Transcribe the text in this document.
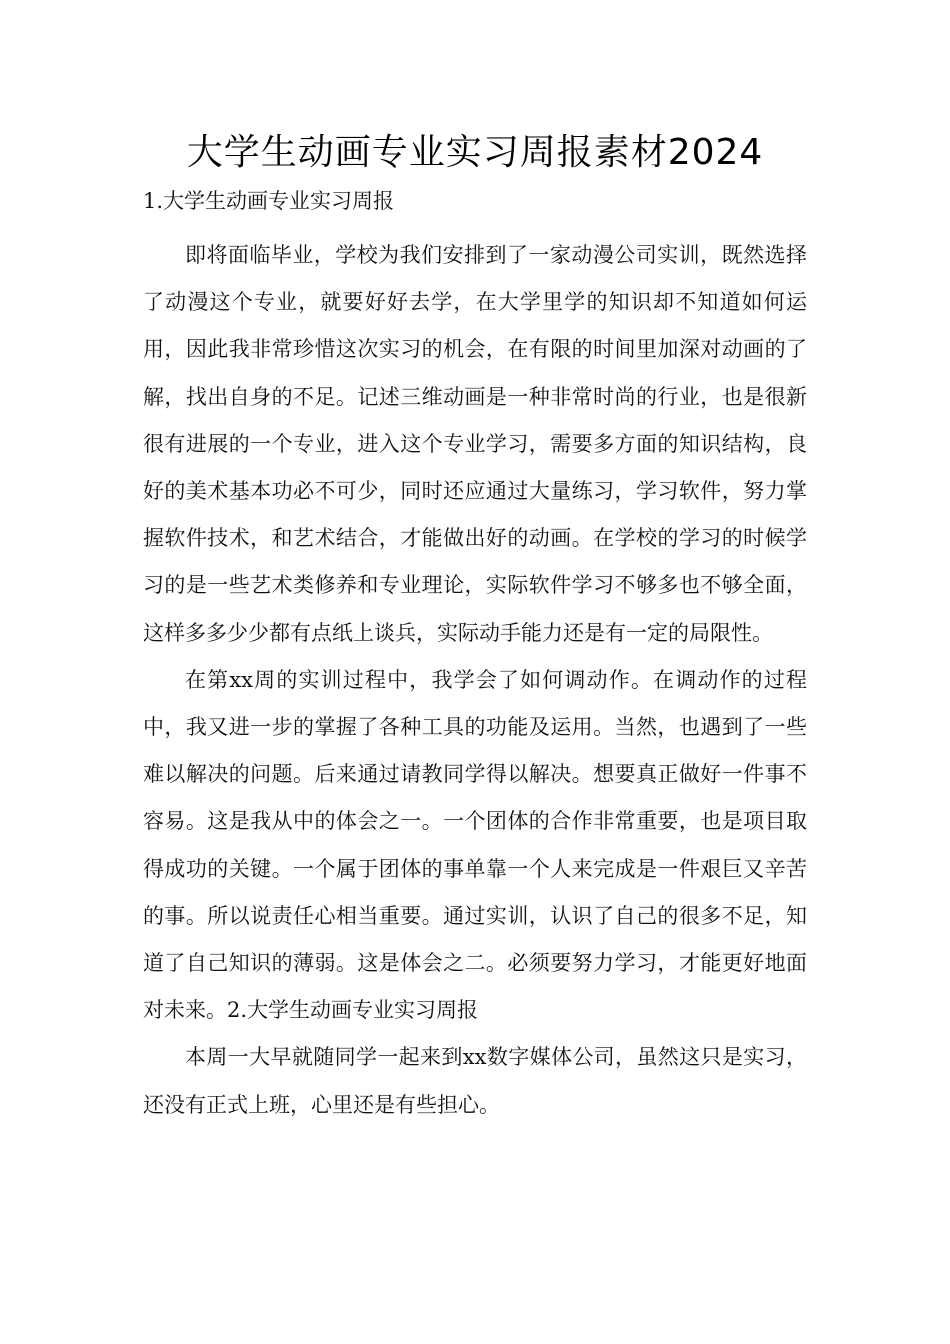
大学生动画专业实习周报素材2024
1.大学生动画专业实习周报

即将面临毕业，学校为我们安排到了一家动漫公司实训，既然选择了动漫这个专业，就要好好去学，在大学里学的知识却不知道如何运用，因此我非常珍惜这次实习的机会，在有限的时间里加深对动画的了解，找出自身的不足。记述三维动画是一种非常时尚的行业，也是很新很有进展的一个专业，进入这个专业学习，需要多方面的知识结构，良好的美术基本功必不可少，同时还应通过大量练习，学习软件，努力掌握软件技术，和艺术结合，才能做出好的动画。在学校的学习的时候学习的是一些艺术类修养和专业理论，实际软件学习不够多也不够全面，这样多多少少都有点纸上谈兵，实际动手能力还是有一定的局限性。

在第xx周的实训过程中，我学会了如何调动作。在调动作的过程中，我又进一步的掌握了各种工具的功能及运用。当然，也遇到了一些难以解决的问题。后来通过请教同学得以解决。想要真正做好一件事不容易。这是我从中的体会之一。一个团体的合作非常重要，也是项目取得成功的关键。一个属于团体的事单靠一个人来完成是一件艰巨又辛苦的事。所以说责任心相当重要。通过实训，认识了自己的很多不足，知道了自己知识的薄弱。这是体会之二。必须要努力学习，才能更好地面对未来。2.大学生动画专业实习周报

本周一大早就随同学一起来到xx数字媒体公司，虽然这只是实习，还没有正式上班，心里还是有些担心。
